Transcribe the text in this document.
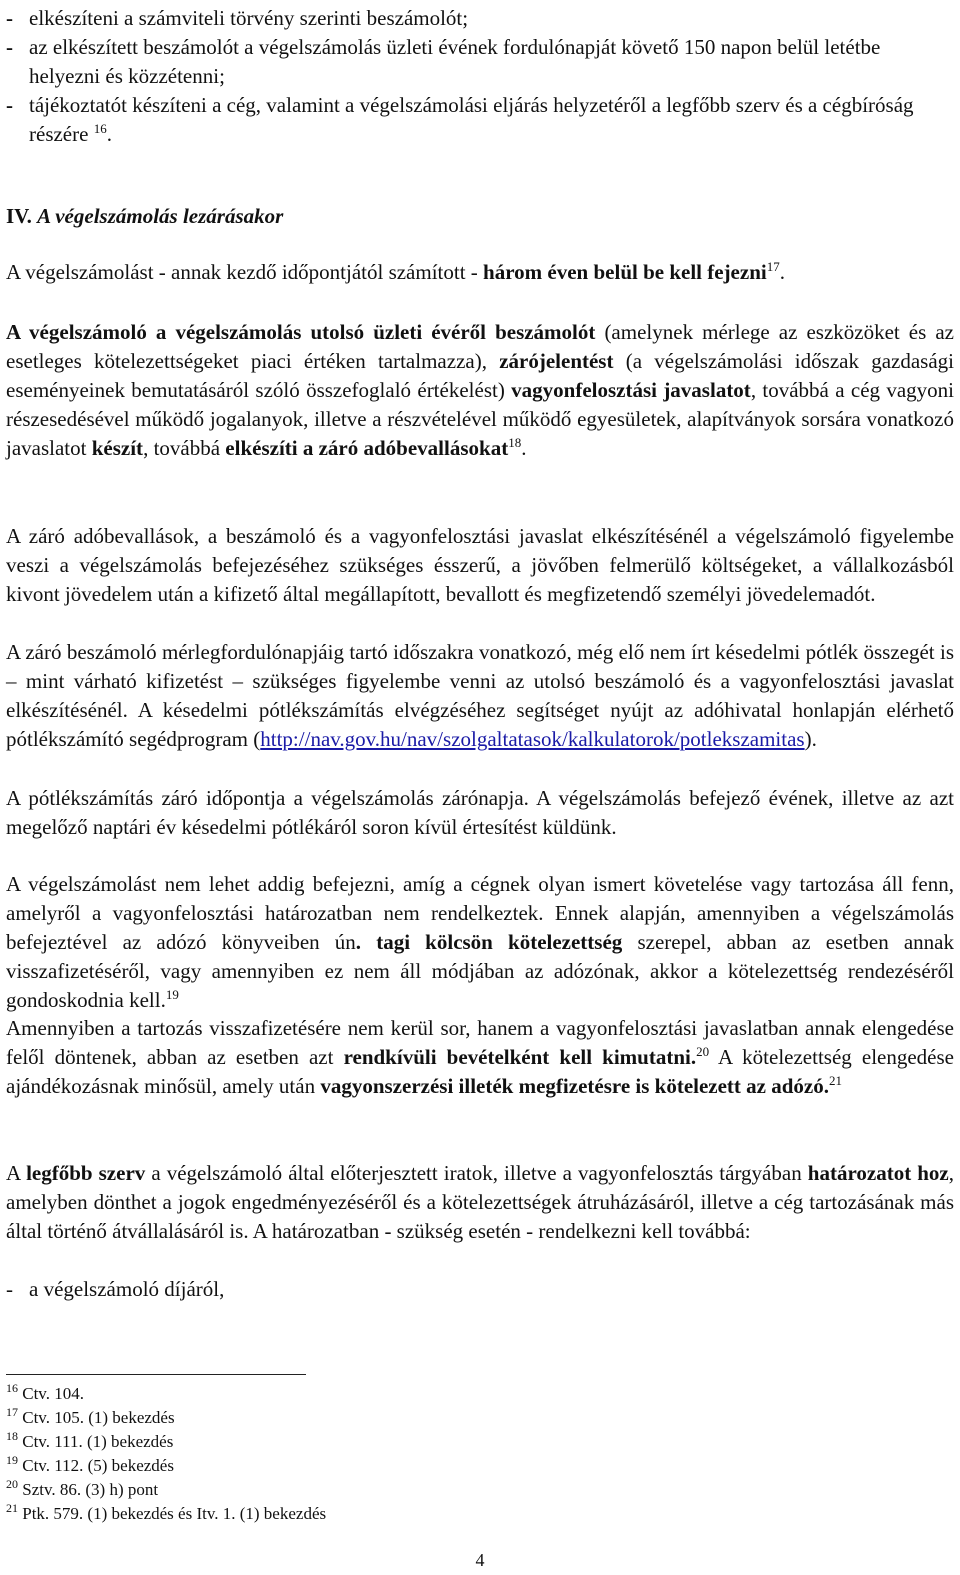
- elkészíteni a számviteli törvény szerinti beszámolót;
- az elkészített beszámolót a végelszámolás üzleti évének fordulónapját követő 150 napon belül letétbe helyezni és közzétenni;
- tájékoztatót készíteni a cég, valamint a végelszámolási eljárás helyzetéről a legfőbb szerv és a cégbíróság részére $^{16}$.
IV. A végelszámolás lezárásakor

A végelszámolást - annak kezdő időpontjától számított - három éven belül be kell fejezni$^{17}$.

A végelszámoló a végelszámolás utolsó üzleti évéről beszámolót (amelynek mérlege az eszközöket és az esetleges kötelezettségeket piaci értéken tartalmazza), zárójelentést (a végelszámolási időszak gazdasági eseményeinek bemutatásáról szóló összefoglaló értékelést) vagyonfelosztási javaslatot, továbbá a cég vagyoni részesedésével működő jogalanyok, illetve a részvételével működő egyesületek, alapítványok sorsára vonatkozó javaslatot készít, továbbá elkészíti a záró adóbevallásokat$^{18}$.

A záró adóbevallások, a beszámoló és a vagyonfelosztási javaslat elkészítésénél a végelszámoló figyelembe veszi a végelszámolás befejezéséhez szükséges ésszerű, a jövőben felmerülő költségeket, a vállalkozásból kivont jövedelem után a kifizető által megállapított, bevallott és megfizetendő személyi jövedelemadót.

A záró beszámoló mérlegfordulónapjáig tartó időszakra vonatkozó, még elő nem írt késedelmi pótlék összegét is – mint várható kifizetést – szükséges figyelembe venni az utolsó beszámoló és a vagyonfelosztási javaslat elkészítésénél. A késedelmi pótlékszámítás elvégzéséhez segítséget nyújt az adóhivatal honlapján elérhető pótlékszámító segédprogram (http://nav.gov.hu/nav/szolgaltatasok/kalkulatorok/potlekszamitas).

A pótlékszámítás záró időpontja a végelszámolás zárónapja. A végelszámolás befejező évének, illetve az azt megelőző naptári év késedelmi pótlékáról soron kívül értesítést küldünk.

A végelszámolást nem lehet addig befejezni, amíg a cégnek olyan ismert követelése vagy tartozása áll fenn, amelyről a vagyonfelosztási határozatban nem rendelkeztek. Ennek alapján, amennyiben a végelszámolás befejeztével az adózó könyveiben ún. tagi kölcsön kötelezettség szerepel, abban az esetben annak visszafizetéséről, vagy amennyiben ez nem áll módjában az adózónak, akkor a kötelezettség rendezéséről gondoskodnia kell.$^{19}$

Amennyiben a tartozás visszafizetésére nem kerül sor, hanem a vagyonfelosztási javaslatban annak elengedése felől döntenek, abban az esetben azt rendkívüli bevételként kell kimutatni.$^{20}$ A kötelezettség elengedése ajándékozásnak minősül, amely után vagyonszerzési illeték megfizetésre is kötelezett az adózó.$^{21}$

A legfőbb szerv a végelszámoló által előterjesztett iratok, illetve a vagyonfelosztás tárgyában határozatot hoz, amelyben dönthet a jogok engedményezéséről és a kötelezettségek átruházásáról, illetve a cég tartozásának más által történő átvállalásáról is. A határozatban - szükség esetén - rendelkezni kell továbbá:

- a végelszámoló díjáról,
$^{16}$ Ctv. 104.
$^{17}$ Ctv. 105. (1) bekezdés
$^{18}$ Ctv. 111. (1) bekezdés
$^{19}$ Ctv. 112. (5) bekezdés
$^{20}$ Sztv. 86. (3) h) pont
$^{21}$ Ptk. 579. (1) bekezdés és Itv. 1. (1) bekezdés
4
